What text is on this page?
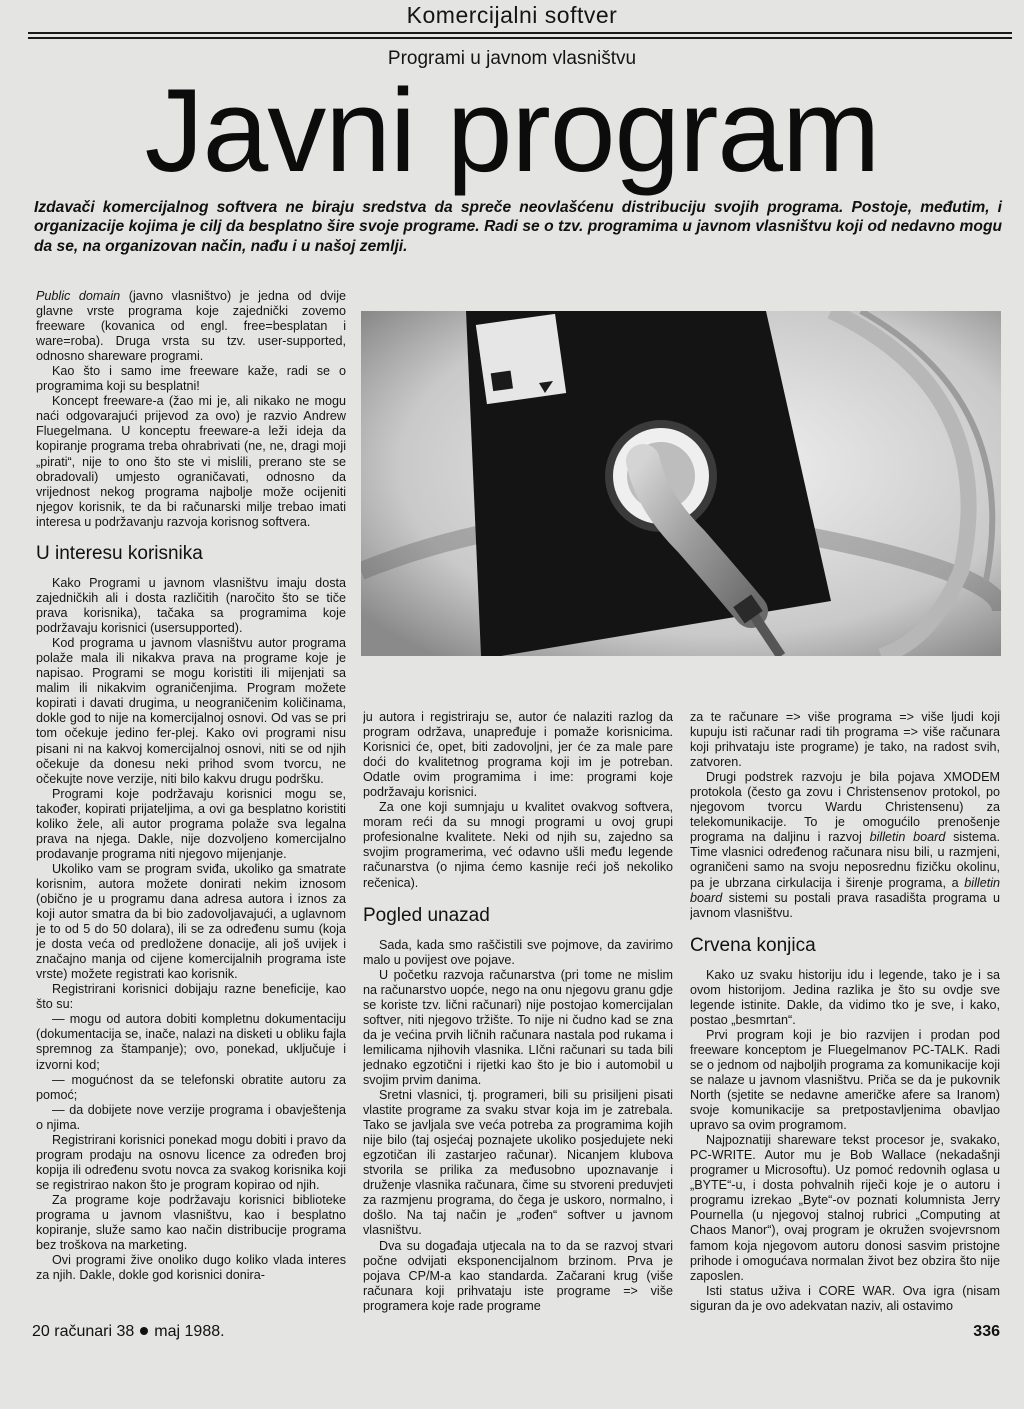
Komercijalni softver
Programi u javnom vlasništvu
Javni program
Izdavači komercijalnog softvera ne biraju sredstva da spreče neovlašćenu distribuciju svojih programa. Postoje, međutim, i organizacije kojima je cilj da besplatno šire svoje programe. Radi se o tzv. programima u javnom vlasništvu koji od nedavno mogu da se, na organizovan način, nađu i u našoj zemlji.

Public domain (javno vlasništvo) je jedna od dvije glavne vrste programa koje zajednički zovemo freeware (kovanica od engl. free=besplatan i ware=roba). Druga vrsta su tzv. user-supported, odnosno shareware programi.

Kao što i samo ime freeware kaže, radi se o programima koji su besplatni!

Koncept freeware-a (žao mi je, ali nikako ne mogu naći odgovarajući prijevod za ovo) je razvio Andrew Fluegelmana. U konceptu freeware-a leži ideja da kopiranje programa treba ohrabrivati (ne, ne, dragi moji „pirati“, nije to ono što ste vi mislili, prerano ste se obradovali) umjesto ograničavati, odnosno da vrijednost nekog programa najbolje može ocijeniti njegov korisnik, te da bi računarski milje trebao imati interesa u podržavanju razvoja korisnog softvera.

U interesu korisnika

Kako Programi u javnom vlasništvu imaju dosta zajedničkih ali i dosta različitih (naročito što se tiče prava korisnika), tačaka sa programima koje podržavaju korisnici (usersupported).

Kod programa u javnom vlasništvu autor programa polaže mala ili nikakva prava na programe koje je napisao. Programi se mogu koristiti ili mijenjati sa malim ili nikakvim ograničenjima. Program možete kopirati i davati drugima, u neograničenim količinama, dokle god to nije na komercijalnoj osnovi. Od vas se pri tom očekuje jedino fer-plej. Kako ovi programi nisu pisani ni na kakvoj komercijalnoj osnovi, niti se od njih očekuje da donesu neki prihod svom tvorcu, ne očekujte nove verzije, niti bilo kakvu drugu podršku.

Programi koje podržavaju korisnici mogu se, također, kopirati prijateljima, a ovi ga besplatno koristiti koliko žele, ali autor programa polaže sva legalna prava na njega. Dakle, nije dozvoljeno komercijalno prodavanje programa niti njegovo mijenjanje.

Ukoliko vam se program sviđa, ukoliko ga smatrate korisnim, autora možete donirati nekim iznosom (obično je u programu dana adresa autora i iznos za koji autor smatra da bi bio zadovoljavajući, a uglavnom je to od 5 do 50 dolara), ili se za određenu sumu (koja je dosta veća od predložene donacije, ali još uvijek i značajno manja od cijene komercijalnih programa iste vrste) možete registrati kao korisnik.

Registrirani korisnici dobijaju razne beneficije, kao što su:

— mogu od autora dobiti kompletnu dokumentaciju (dokumentacija se, inače, nalazi na disketi u obliku fajla spremnog za štampanje); ovo, ponekad, uključuje i izvorni kod;

— mogućnost da se telefonski obratite autoru za pomoć;

— da dobijete nove verzije programa i obavještenja o njima.

Registrirani korisnici ponekad mogu dobiti i pravo da program prodaju na osnovu licence za određen broj kopija ili određenu svotu novca za svakog korisnika koji se registrirao nakon što je program kopirao od njih.

Za programe koje podržavaju korisnici biblioteke programa u javnom vlasništvu, kao i besplatno kopiranje, služe samo kao način distribucije programa bez troškova na marketing.

Ovi programi žive onoliko dugo koliko vlada interes za njih. Dakle, dokle god korisnici donira-

ju autora i registriraju se, autor će nalaziti razlog da program održava, unapređuje i pomaže korisnicima. Korisnici će, opet, biti zadovoljni, jer će za male pare doći do kvalitetnog programa koji im je potreban. Odatle ovim programima i ime: programi koje podržavaju korisnici.

Za one koji sumnjaju u kvalitet ovakvog softvera, moram reći da su mnogi programi u ovoj grupi profesionalne kvalitete. Neki od njih su, zajedno sa svojim programerima, već odavno ušli među legende računarstva (o njima ćemo kasnije reći još nekoliko rečenica).

Pogled unazad

Sada, kada smo raščistili sve pojmove, da zavirimo malo u povijest ove pojave.

U početku razvoja računarstva (pri tome ne mislim na računarstvo uopće, nego na onu njegovu granu gdje se koriste tzv. lični računari) nije postojao komercijalan softver, niti njegovo tržište. To nije ni čudno kad se zna da je većina prvih ličnih računara nastala pod rukama i lemilicama njihovih vlasnika. LIčni računari su tada bili jednako egzotični i rijetki kao što je bio i automobil u svojim prvim danima.

Sretni vlasnici, tj. programeri, bili su prisiljeni pisati vlastite programe za svaku stvar koja im je zatrebala. Tako se javljala sve veća potreba za programima kojih nije bilo (taj osjećaj poznajete ukoliko posjedujete neki egzotičan ili zastarjeo računar). Nicanjem klubova stvorila se prilika za međusobno upoznavanje i druženje vlasnika računara, čime su stvoreni preduvjeti za razmjenu programa, do čega je uskoro, normalno, i došlo. Na taj način je „rođen“ softver u javnom vlasništvu.

Dva su događaja utjecala na to da se razvoj stvari počne odvijati eksponencijalnom brzinom. Prva je pojava CP/M-a kao standarda. Začarani krug (više računara koji prihvataju iste programe => više programera koje rade programe

za te računare => više programa => više ljudi koji kupuju isti računar radi tih programa => više računara koji prihvataju iste programe) je tako, na radost svih, zatvoren.

Drugi podstrek razvoju je bila pojava XMODEM protokola (često ga zovu i Christensenov protokol, po njegovom tvorcu Wardu Christensenu) za telekomunikacije. To je omogućilo prenošenje programa na daljinu i razvoj billetin board sistema. Time vlasnici određenog računara nisu bili, u razmjeni, ograničeni samo na svoju neposrednu fizičku okolinu, pa je ubrzana cirkulacija i širenje programa, a billetin board sistemi su postali prava rasadišta programa u javnom vlasništvu.

Crvena konjica

Kako uz svaku historiju idu i legende, tako je i sa ovom historijom. Jedina razlika je što su ovdje sve legende istinite. Dakle, da vidimo tko je sve, i kako, postao „besmrtan“.

Prvi program koji je bio razvijen i prodan pod freeware konceptom je Fluegelmanov PC-TALK. Radi se o jednom od najboljih programa za komunikacije koji se nalaze u javnom vlasništvu. Priča se da je pukovnik North (sjetite se nedavne američke afere sa Iranom) svoje komunikacije sa pretpostavljenima obavljao upravo sa ovim programom.

Najpoznatiji shareware tekst procesor je, svakako, PC-WRITE. Autor mu je Bob Wallace (nekadašnji programer u Microsoftu). Uz pomoć redovnih oglasa u „BYTE“-u, i dosta pohvalnih riječi koje je o autoru i programu izrekao „Byte“-ov poznati kolumnista Jerry Pournella (u njegovoj stalnoj rubrici „Computing at Chaos Manor“), ovaj program je okružen svojevrsnom famom koja njegovom autoru donosi sasvim pristojne prihode i omogućava normalan život bez obzira što nije zaposlen.

Isti status uživa i CORE WAR. Ova igra (nisam siguran da je ovo adekvatan naziv, ali ostavimo

20 računari 38 maj 1988.	336
